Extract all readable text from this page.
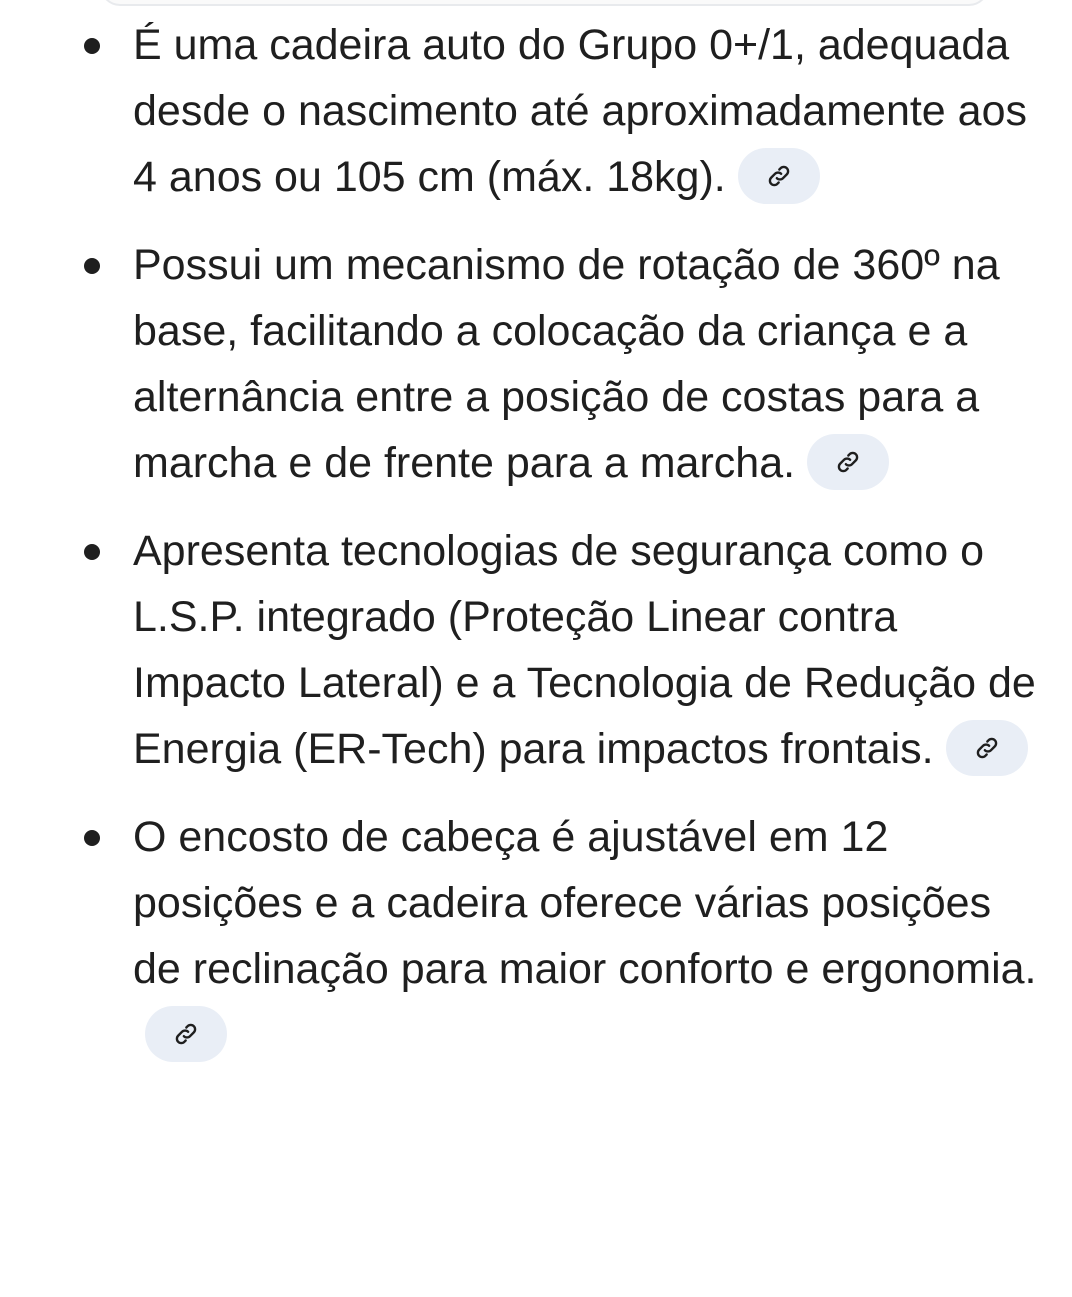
É uma cadeira auto do Grupo 0+/1, adequada desde o nascimento até aproximadamente aos 4 anos ou 105 cm (máx. 18kg).
Possui um mecanismo de rotação de 360º na base, facilitando a colocação da criança e a alternância entre a posição de costas para a marcha e de frente para a marcha.
Apresenta tecnologias de segurança como o L.S.P. integrado (Proteção Linear contra Impacto Lateral) e a Tecnologia de Redução de Energia (ER-Tech) para impactos frontais.
O encosto de cabeça é ajustável em 12 posições e a cadeira oferece várias posições de reclinação para maior conforto e ergonomia.
